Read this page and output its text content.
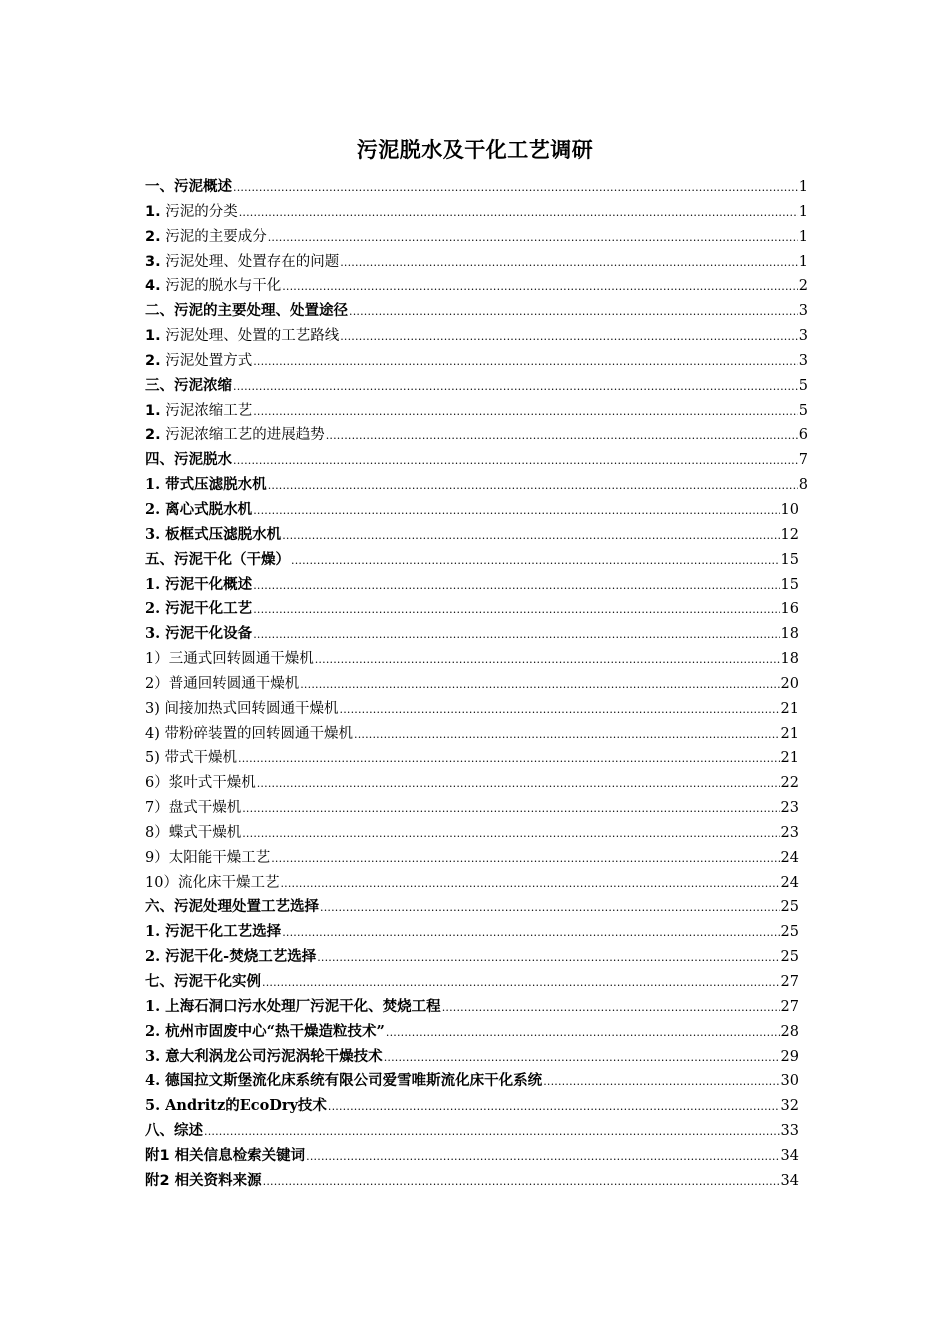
污泥脱水及干化工艺调研
一、污泥概述 .....	1
1. 污泥的分类 .....	1
2. 污泥的主要成分 .....	1
3. 污泥处理、处置存在的问题 .....	1
4. 污泥的脱水与干化 .....	2
二、污泥的主要处理、处置途径 .....	3
1. 污泥处理、处置的工艺路线 .....	3
2. 污泥处置方式 .....	3
三、污泥浓缩 .....	5
1. 污泥浓缩工艺 .....	5
2. 污泥浓缩工艺的进展趋势 .....	6
四、污泥脱水 .....	7
1. 带式压滤脱水机 .....	8
2. 离心式脱水机 .....	10
3. 板框式压滤脱水机 .....	12
五、污泥干化（干燥） .....	15
1. 污泥干化概述 .....	15
2. 污泥干化工艺 .....	16
3. 污泥干化设备 .....	18
1）三通式回转圆通干燥机 .....	18
2）普通回转圆通干燥机 .....	20
3) 间接加热式回转圆通干燥机 .....	21
4) 带粉碎装置的回转圆通干燥机 .....	21
5) 带式干燥机 .....	21
6）浆叶式干燥机 .....	22
7）盘式干燥机 .....	23
8）蝶式干燥机 .....	23
9）太阳能干燥工艺 .....	24
10）流化床干燥工艺 .....	24
六、污泥处理处置工艺选择 .....	25
1. 污泥干化工艺选择 .....	25
2. 污泥干化-焚烧工艺选择 .....	25
七、污泥干化实例 .....	27
1. 上海石洞口污水处理厂污泥干化、焚烧工程 .....	27
2. 杭州市固废中心“热干燥造粒技术” .....	28
3. 意大利涡龙公司污泥涡轮干燥技术 .....	29
4. 德国拉文斯堡流化床系统有限公司爱雪唯斯流化床干化系统 .....	30
5. Andritz的EcoDry技术 .....	32
八、综述 .....	33
附1 相关信息检索关键词 .....	34
附2 相关资料来源 .....	34
